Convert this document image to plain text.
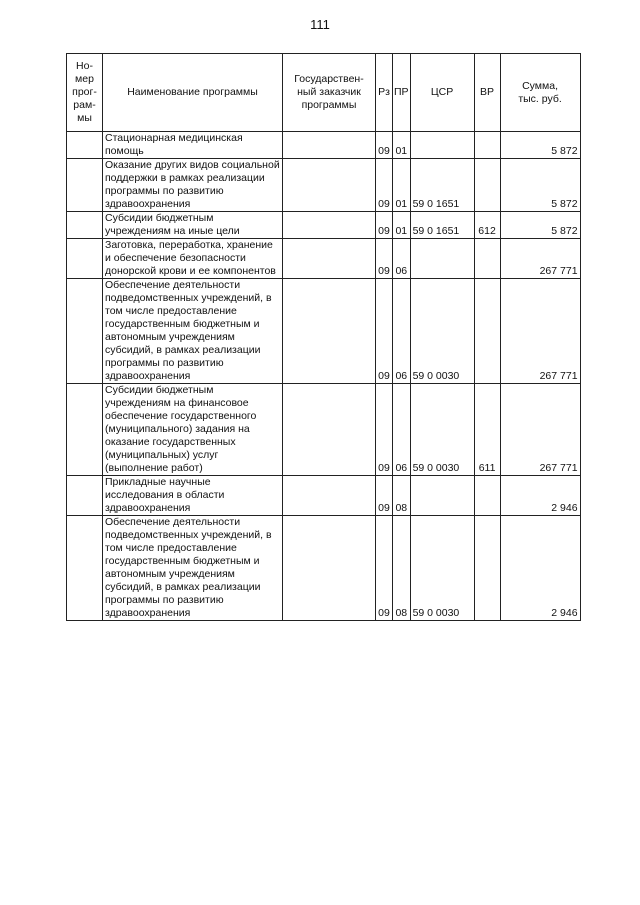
111
Но-
мер
прог-
рам-
мы	Наименование программы	Государствен-
ный заказчик
программы	Рз	ПР	ЦСР	ВР	Сумма,
тыс. руб.
	Стационарная медицинская помощь		09	01			5 872
	Оказание других видов социальной поддержки в рамках реализации программы по развитию здравоохранения		09	01	59 0 1651		5 872
	Субсидии бюджетным учреждениям на иные цели		09	01	59 0 1651	612	5 872
	Заготовка, переработка, хранение и обеспечение безопасности донорской крови и ее компонентов		09	06			267 771
	Обеспечение деятельности подведомственных учреждений, в том числе предоставление государственным бюджетным и автономным учреждениям субсидий, в рамках реализации программы по развитию здравоохранения		09	06	59 0 0030		267 771
	Субсидии бюджетным учреждениям на финансовое обеспечение государственного (муниципального) задания на оказание государственных (муниципальных) услуг (выполнение работ)		09	06	59 0 0030	611	267 771
	Прикладные научные исследования в области здравоохранения		09	08			2 946
	Обеспечение деятельности подведомственных учреждений, в том числе предоставление государственным бюджетным и автономным учреждениям субсидий, в рамках реализации программы по развитию здравоохранения		09	08	59 0 0030		2 946
